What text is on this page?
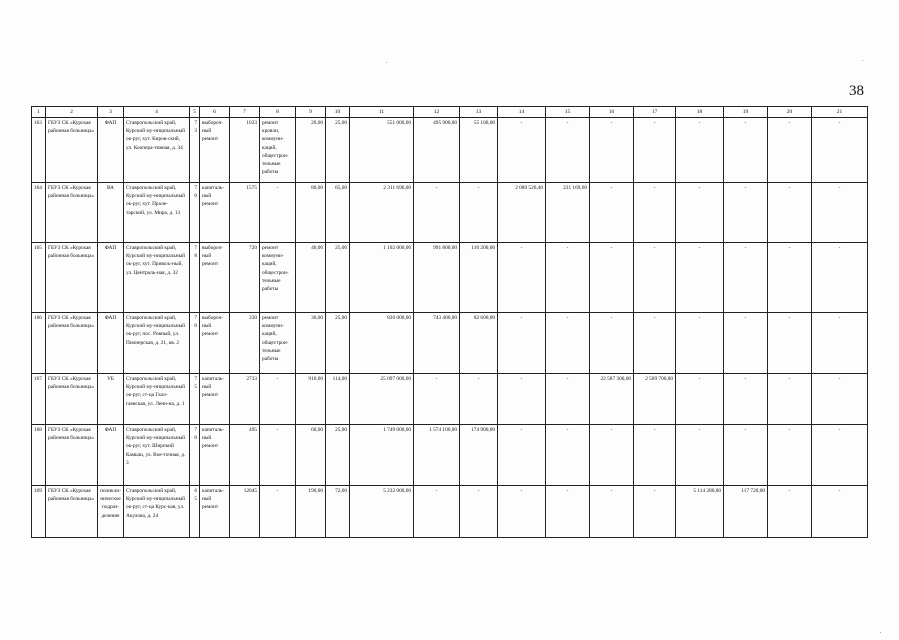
38
1	2	3	4	5	6	7	8	9	10	11	12	13	14	15	16	17	18	19	20	21
163	ГБУЗ СК «Курская районная больница»	ФАП	Ставропольский край, Курский му-ниципальный ок-руг, хут. Киров-ский, ул. Коопера-тивная, д. 34	73	выбороч-ный ремонт	1023	ремонт кровли, коммуни-каций, общестрои-тельные работы	20,00	25,00	551 000,00	495 900,00	55 100,00	-	-	-	-	-	-	-	-
164	ГБУЗ СК «Курская районная больница»	ВА	Ставропольский край, Курский му-ниципальный ок-руг, хут. Проле-тарский, ул. Мира, д. 13	70	капиталь-ный ремонт	1575	-	80,00	65,00	2 311 696,00	-	-	2 080 526,40	231 169,60	-	-	-	-	-	-
165	ГБУЗ СК «Курская районная больница»	ФАП	Ставропольский край, Курский му-ниципальный ок-руг, хут. Привољ-ный, ул. Централь-ная, д. 32	78	выбороч-ный ремонт	720	ремонт коммуни-каций, общестрои-тельные работы	40,00	25,00	1 102 000,00	991 800,00	110 200,00	-	-	-	-	-	-	-	-
166	ГБУЗ СК «Курская районная больница»	ФАП	Ставропольский край, Курский му-ниципальный ок-руг, пос. Ровный, ул. Пионерская, д. 21, кв. 2	70	выбороч-ный ремонт	330	ремонт коммуни-каций, общестрои-тельные работы	30,00	25,00	826 000,00	743 400,00	82 600,00	-	-	-	-	-	-	-	-
167	ГБУЗ СК «Курская районная больница»	УБ	Ставропольский край, Курский му-ниципальный ок-руг, ст-ца Гало-гаевская, ул. Лени-на, д. 1	75	капиталь-ный ремонт	2733	-	910,00	114,00	25 097 000,00	-	-	-	-	22 587 300,00	2 509 700,00	-	-	-	-
168	ГБУЗ СК «Курская районная больница»	ФАП	Ставропольский край, Курский му-ниципальный ок-руг, хут. Широкий Камыш, ул. Вое-точная, д. 3	70	капиталь-ный ремонт	495	-	60,00	25,00	1 749 000,00	1 574 100,00	174 900,00	-	-	-	-	-	-	-	-
169	ГБУЗ СК «Курская районная больница»	поликли-ническое подраз-деление	Ставропольский край, Курский му-ниципальный ок-руг, ст-ца Курс-кая, ул. Акулова, д. 24	65	капиталь-ный ремонт	12045	-	190,00	72,00	5 232 000,00	-	-	-	-	-	-	5 114 280,00	117 720,00	-	-
